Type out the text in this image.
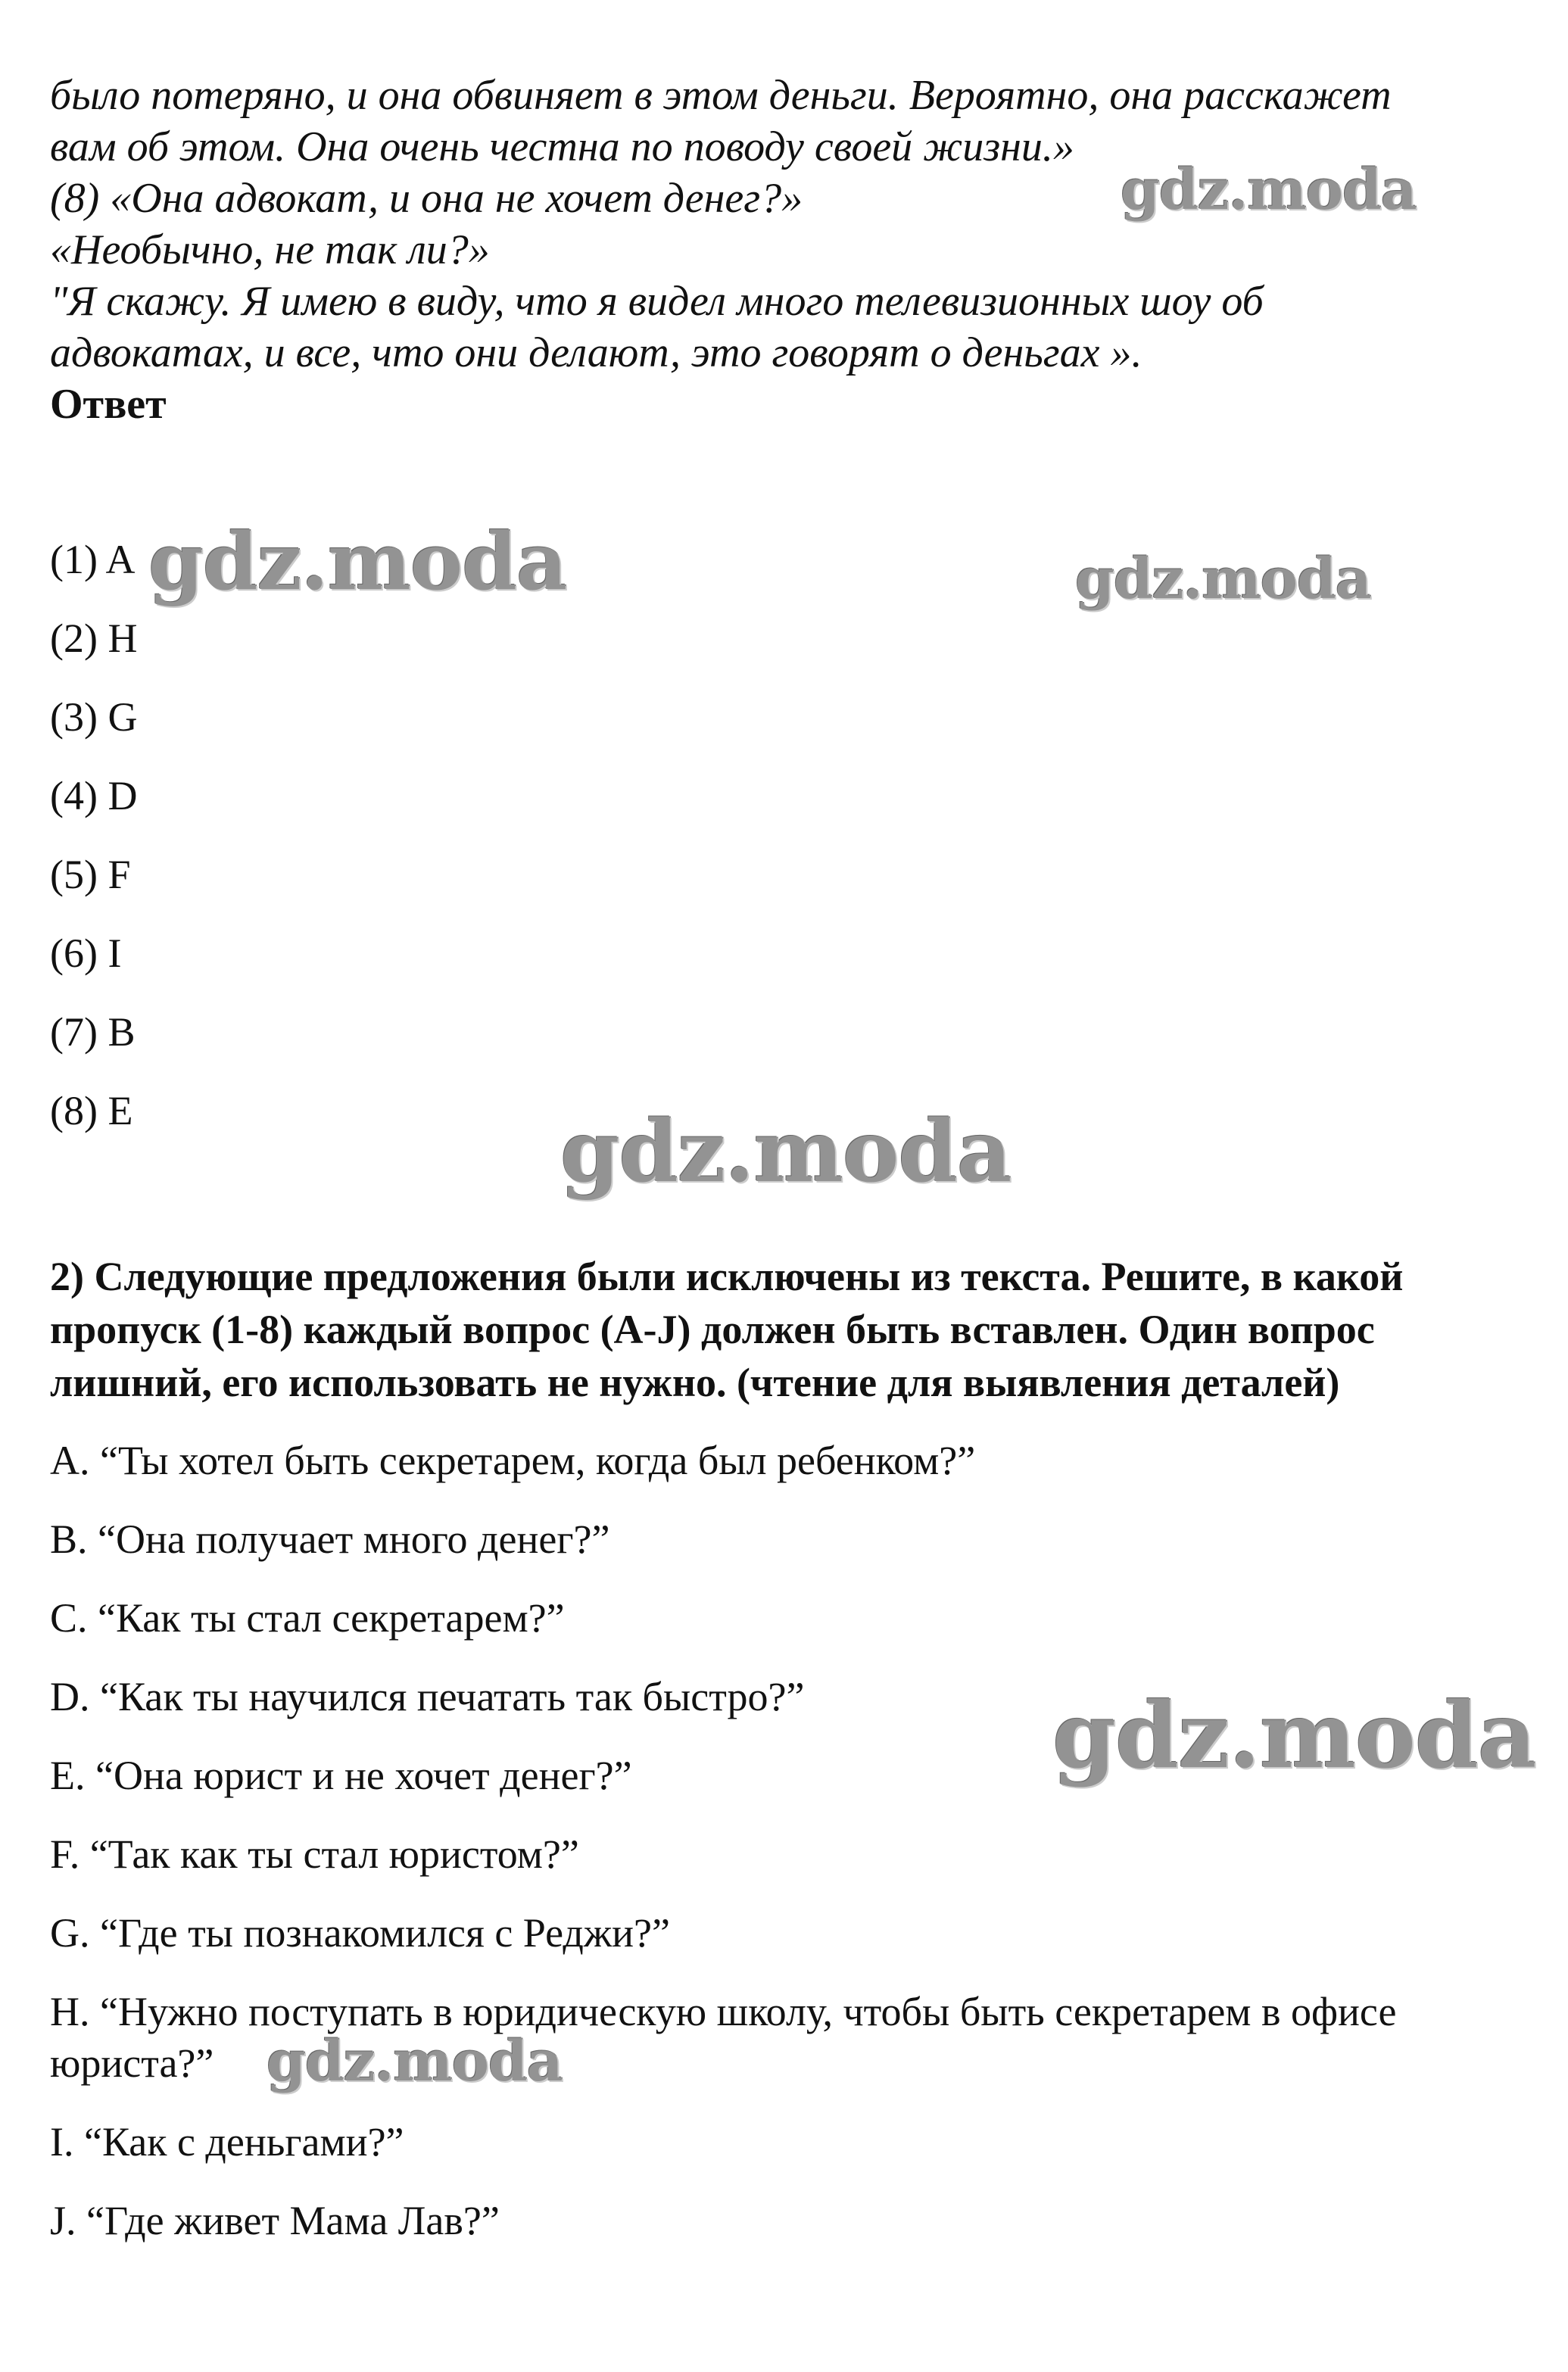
было потеряно, и она обвиняет в этом деньги. Вероятно, она расскажет
вам об этом. Она очень честна по поводу своей жизни.»
(8) «Она адвокат, и она не хочет денег?»
«Необычно, не так ли?»
"Я скажу. Я имею в виду, что я видел много телевизионных шоу об
адвокатах, и все, что они делают, это говорят о деньгах ».
Ответ
(1) A
(2) H
(3) G
(4) D
(5) F
(6) I
(7) B
(8) E
2) Следующие предложения были исключены из текста. Решите, в какой
пропуск (1-8) каждый вопрос (A-J) должен быть вставлен. Один вопрос
лишний, его использовать не нужно. (чтение для выявления деталей)
A. “Ты хотел быть секретарем, когда был ребенком?”
B. “Она получает много денег?”
C. “Как ты стал секретарем?”
D. “Как ты научился печатать так быстро?”
E. “Она юрист и не хочет денег?”
F. “Так как ты стал юристом?”
G. “Где ты познакомился с Реджи?”
H. “Нужно поступать в юридическую школу, чтобы быть секретарем в офисе
юриста?”
I. “Как с деньгами?”
J. “Где живет Мама Лав?”
gdz.moda
gdz.moda	gdz.moda
gdz.moda
gdz.moda
gdz.moda
